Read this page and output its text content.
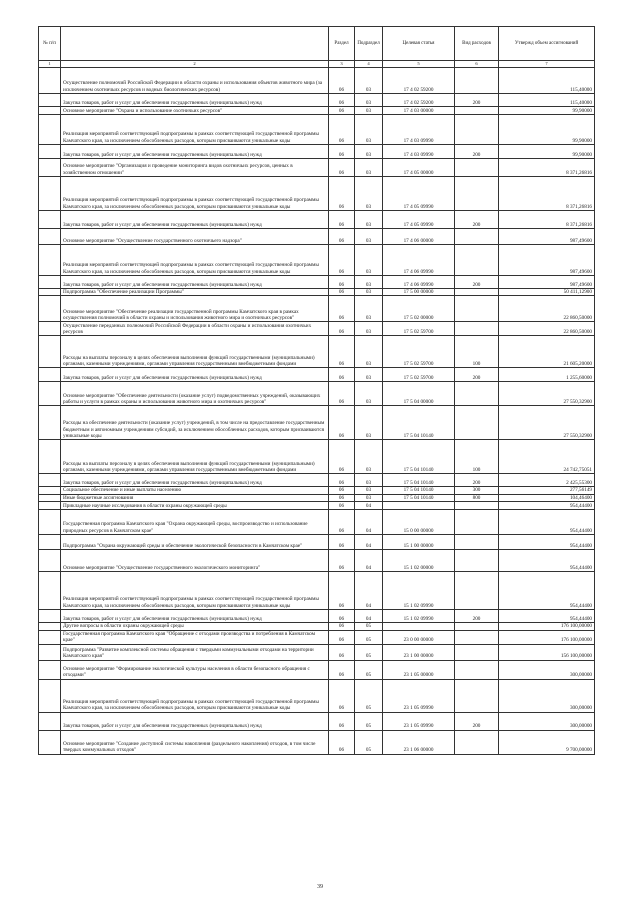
№ п/п		Раздел	Подраздел	Целевая статья	Вид расходов	Утвержд объем ассигнований
1	2	3	4	5	6	7
	Осуществление полномочий Российской Федерации в области охраны и использования объектов животного мира (за исключением охотничьих ресурсов и водных биологических ресурсов)	06	03	17 4 02 59200		115,40000
	Закупка товаров, работ и услуг для обеспечения государственных (муниципальных) нужд	06	03	17 4 02 59200	200	115,40000
	Основное мероприятие "Охрана и использование охотничьих ресурсов"	06	03	17 4 03 00000		99,90000
	Реализация мероприятий соответствующей подпрограммы в рамках соответствующей государственной программы Камчатского края, за исключением обособленных расходов, которым присваиваются уникальные коды	06	03	17 4 03 09990		99,90000
	Закупка товаров, работ и услуг для обеспечения государственных (муниципальных) нужд	06	03	17 4 03 09990	200	99,90000
	Основное мероприятие "Организация и проведение мониторинга видов охотничьих ресурсов, ценных в хозяйственном отношении"	06	03	17 4 05 00000		8 371,26816
	Реализация мероприятий соответствующей подпрограммы в рамках соответствующей государственной программы Камчатского края, за исключением обособленных расходов, которым присваиваются уникальные коды	06	03	17 4 05 09990		8 371,26816
	Закупка товаров, работ и услуг для обеспечения государственных (муниципальных) нужд	06	03	17 4 05 09990	200	8 371,26816
	Основное мероприятие "Осуществление государственного охотничьего надзора"	06	03	17 4 06 00000		987,49600
	Реализация мероприятий соответствующей подпрограммы в рамках соответствующей государственной программы Камчатского края, за исключением обособленных расходов, которым присваиваются уникальные коды	06	03	17 4 06 09990		987,49600
	Закупка товаров, работ и услуг для обеспечения государственных (муниципальных) нужд	06	03	17 4 06 09990	200	987,49600
	Подпрограмма "Обеспечение реализации Программы"	06	03	17 5 00 00000		50 411,12900
	Основное мероприятие "Обеспечение реализации государственной программы Камчатского края в рамках осуществления полномочий в области охраны и использования животного мира и охотничьих ресурсов"	06	03	17 5 02 00000		22 860,50000
	Осуществление переданных полномочий Российской Федерации в области охраны и использования охотничьих ресурсов	06	03	17 5 02 59700		22 860,50000
	Расходы на выплаты персоналу в целях обеспечения выполнения функций государственными (муниципальными) органами, казенными учреждениями, органами управления государственными внебюджетными фондами	06	03	17 5 02 59700	100	21 605,20000
	Закупка товаров, работ и услуг для обеспечения государственных (муниципальных) нужд	06	03	17 5 02 59700	200	1 255,60000
	Основное мероприятие "Обеспечение деятельности (оказание услуг) подведомственных учреждений, оказывающих работы и услуги в рамках охраны и использования животного мира и охотничьих ресурсов"	06	03	17 5 04 00000		27 550,32900
	Расходы на обеспечение деятельности (оказание услуг) учреждений, в том числе на предоставление государственным бюджетным и автономным учреждениям субсидий, за исключением обособленных расходов, которым присваиваются уникальные коды	06	03	17 5 04 10140		27 550,32900
	Расходы на выплаты персоналу в целях обеспечения выполнения функций государственными (муниципальными) органами, казенными учреждениями, органами управления государственными внебюджетными фондами	06	03	17 5 04 10140	100	24 742,75051
	Закупка товаров, работ и услуг для обеспечения государственных (муниципальных) нужд	06	03	17 5 04 10140	200	2 425,55300
	Социальное обеспечение и иные выплаты населению	06	03	17 5 04 10140	300	277,56149
	Иные бюджетные ассигнования	06	03	17 5 04 10140	800	104,46400
	Прикладные научные исследования в области охраны окружающей среды	06	04			954,44400
	Государственная программа Камчатского края "Охрана окружающей среды, воспроизводство и использование природных ресурсов в Камчатском крае"	06	04	15 0 00 00000		954,44400
	Подпрограмма "Охрана окружающей среды и обеспечение экологической безопасности в Камчатском крае"	06	04	15 1 00 00000		954,44400
	Основное мероприятие "Осуществление государственного экологического мониторинга"	06	04	15 1 02 00000		954,44400
	Реализация мероприятий соответствующей подпрограммы в рамках соответствующей государственной программы Камчатского края, за исключением обособленных расходов, которым присваиваются уникальные коды	06	04	15 1 02 09990		954,44400
	Закупка товаров, работ и услуг для обеспечения государственных (муниципальных) нужд	06	04	15 1 02 09990	200	954,44400
	Другие вопросы в области охраны окружающей среды	06	05			176 100,00000
	Государственная программа Камчатского края "Обращение с отходами производства и потребления в Камчатском крае"	06	05	23 0 00 00000		176 100,00000
	Подпрограмма "Развитие комплексной системы обращения с твердыми коммунальными отходами на территории Камчатского края"	06	05	23 1 00 00000		156 100,00000
	Основное мероприятие "Формирование экологической культуры населения в области безопасного обращения с отходами"	06	05	23 1 05 00000		300,00000
	Реализация мероприятий соответствующей подпрограммы в рамках соответствующей государственной программы Камчатского края, за исключением обособленных расходов, которым присваиваются уникальные коды	06	05	23 1 05 09990		300,00000
	Закупка товаров, работ и услуг для обеспечения государственных (муниципальных) нужд	06	05	23 1 05 09990	200	300,00000
	Основное мероприятие "Создание доступной системы накопления (раздельного накопления) отходов, в том числе твердых коммунальных отходов"	06	05	23 1 06 00000		9 700,00000
39
